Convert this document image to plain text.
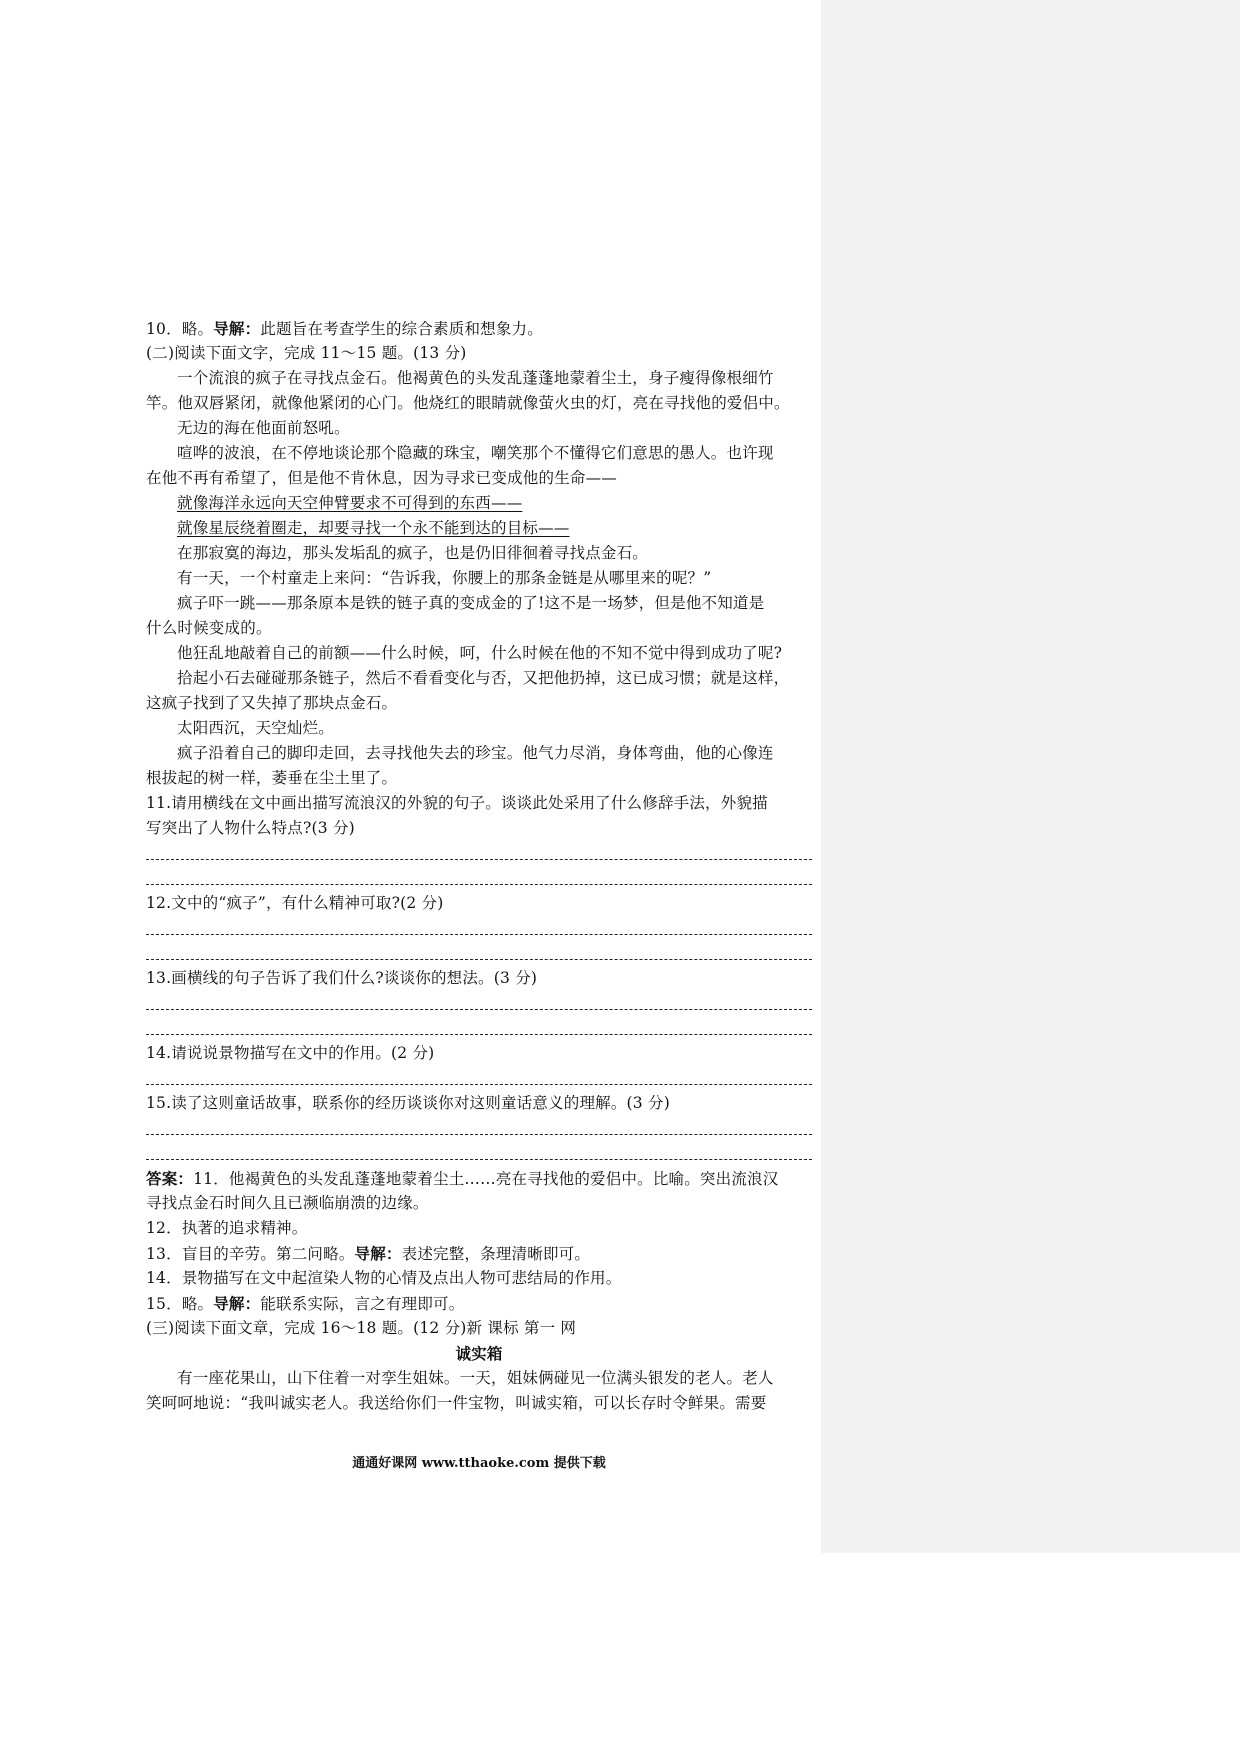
10．略。导解：此题旨在考查学生的综合素质和想象力。
(二)阅读下面文字，完成 11～15 题。(13 分)
一个流浪的疯子在寻找点金石。他褐黄色的头发乱蓬蓬地蒙着尘土，身子瘦得像根细竹
竿。他双唇紧闭，就像他紧闭的心门。他烧红的眼睛就像萤火虫的灯，亮在寻找他的爱侣中。
无边的海在他面前怒吼。
喧哗的波浪，在不停地谈论那个隐藏的珠宝，嘲笑那个不懂得它们意思的愚人。也许现
在他不再有希望了，但是他不肯休息，因为寻求已变成他的生命——
就像海洋永远向天空伸臂要求不可得到的东西——
就像星辰绕着圈走，却要寻找一个永不能到达的目标——
在那寂寞的海边，那头发垢乱的疯子，也是仍旧徘徊着寻找点金石。
有一天，一个村童走上来问：“告诉我，你腰上的那条金链是从哪里来的呢？”
疯子吓一跳——那条原本是铁的链子真的变成金的了!这不是一场梦，但是他不知道是
什么时候变成的。
他狂乱地敲着自己的前额——什么时候，呵，什么时候在他的不知不觉中得到成功了呢?
拾起小石去碰碰那条链子，然后不看看变化与否，又把他扔掉，这已成习惯；就是这样，
这疯子找到了又失掉了那块点金石。
太阳西沉，天空灿烂。
疯子沿着自己的脚印走回，去寻找他失去的珍宝。他气力尽消，身体弯曲，他的心像连
根拔起的树一样，萎垂在尘土里了。
11.请用横线在文中画出描写流浪汉的外貌的句子。谈谈此处采用了什么修辞手法，外貌描
写突出了人物什么特点?(3 分)
12.文中的“疯子”，有什么精神可取?(2 分)
13.画横线的句子告诉了我们什么?谈谈你的想法。(3 分)
14.请说说景物描写在文中的作用。(2 分)
15.读了这则童话故事，联系你的经历谈谈你对这则童话意义的理解。(3 分)
答案：11．他褐黄色的头发乱蓬蓬地蒙着尘土……亮在寻找他的爱侣中。比喻。突出流浪汉
寻找点金石时间久且已濒临崩溃的边缘。
12．执著的追求精神。
13．盲目的辛劳。第二问略。导解：表述完整，条理清晰即可。
14．景物描写在文中起渲染人物的心情及点出人物可悲结局的作用。
15．略。导解：能联系实际，言之有理即可。
(三)阅读下面文章，完成 16～18 题。(12 分)新 课标 第一 网
诚实箱
有一座花果山，山下住着一对孪生姐妹。一天，姐妹俩碰见一位满头银发的老人。老人
笑呵呵地说：“我叫诚实老人。我送给你们一件宝物，叫诚实箱，可以长存时令鲜果。需要
通通好课网 www.tthaoke.com 提供下载
